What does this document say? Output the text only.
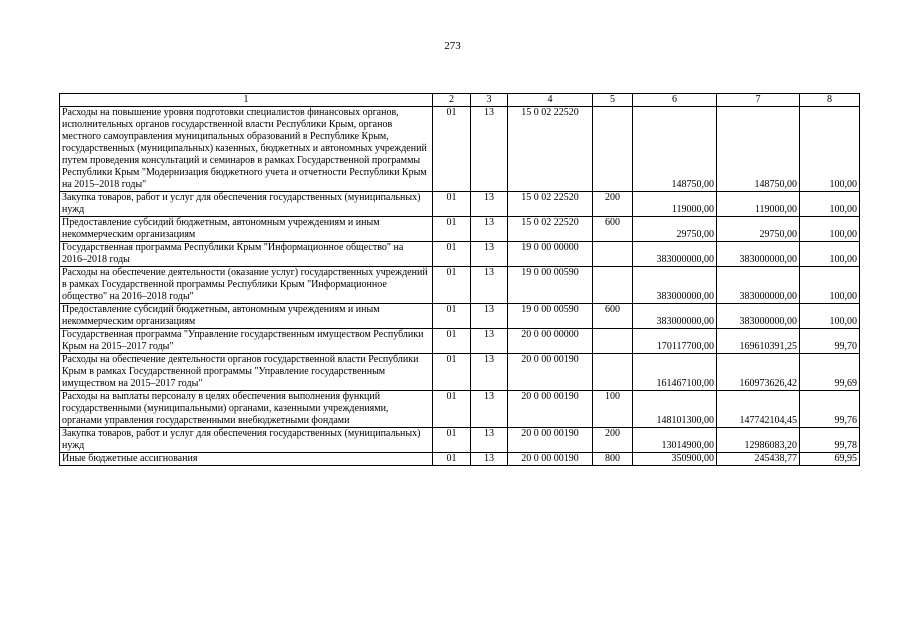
273
1	2	3	4	5	6	7	8
Расходы на повышение уровня подготовки специалистов финансовых органов, исполнительных органов государственной власти Республики Крым, органов местного самоуправления муниципальных образований в Республике Крым, государственных (муниципальных) казенных, бюджетных и автономных учреждений путем проведения консультаций и семинаров в рамках Государственной программы Республики Крым "Модернизация бюджетного учета и отчетности Республики Крым на 2015–2018 годы"	01	13	15 0 02 22520		148750,00	148750,00	100,00
Закупка товаров, работ и услуг для обеспечения государственных (муниципальных) нужд	01	13	15 0 02 22520	200	119000,00	119000,00	100,00
Предоставление субсидий бюджетным, автономным учреждениям и иным некоммерческим организациям	01	13	15 0 02 22520	600	29750,00	29750,00	100,00
Государственная программа Республики Крым "Информационное общество" на 2016–2018 годы	01	13	19 0 00 00000		383000000,00	383000000,00	100,00
Расходы на обеспечение деятельности (оказание услуг) государственных учреждений в рамках Государственной программы Республики Крым "Информационное общество" на 2016–2018 годы"	01	13	19 0 00 00590		383000000,00	383000000,00	100,00
Предоставление субсидий бюджетным, автономным учреждениям и иным некоммерческим организациям	01	13	19 0 00 00590	600	383000000,00	383000000,00	100,00
Государственная программа "Управление государственным имуществом Республики Крым на 2015–2017 годы"	01	13	20 0 00 00000		170117700,00	169610391,25	99,70
Расходы на обеспечение деятельности органов государственной власти Республики Крым в рамках Государственной программы "Управление государственным имуществом на 2015–2017 годы"	01	13	20 0 00 00190		161467100,00	160973626,42	99,69
Расходы на выплаты персоналу в целях обеспечения выполнения функций государственными (муниципальными) органами, казенными учреждениями, органами управления государственными внебюджетными фондами	01	13	20 0 00 00190	100	148101300,00	147742104,45	99,76
Закупка товаров, работ и услуг для обеспечения государственных (муниципальных) нужд	01	13	20 0 00 00190	200	13014900,00	12986083,20	99,78
Иные бюджетные ассигнования	01	13	20 0 00 00190	800	350900,00	245438,77	69,95
